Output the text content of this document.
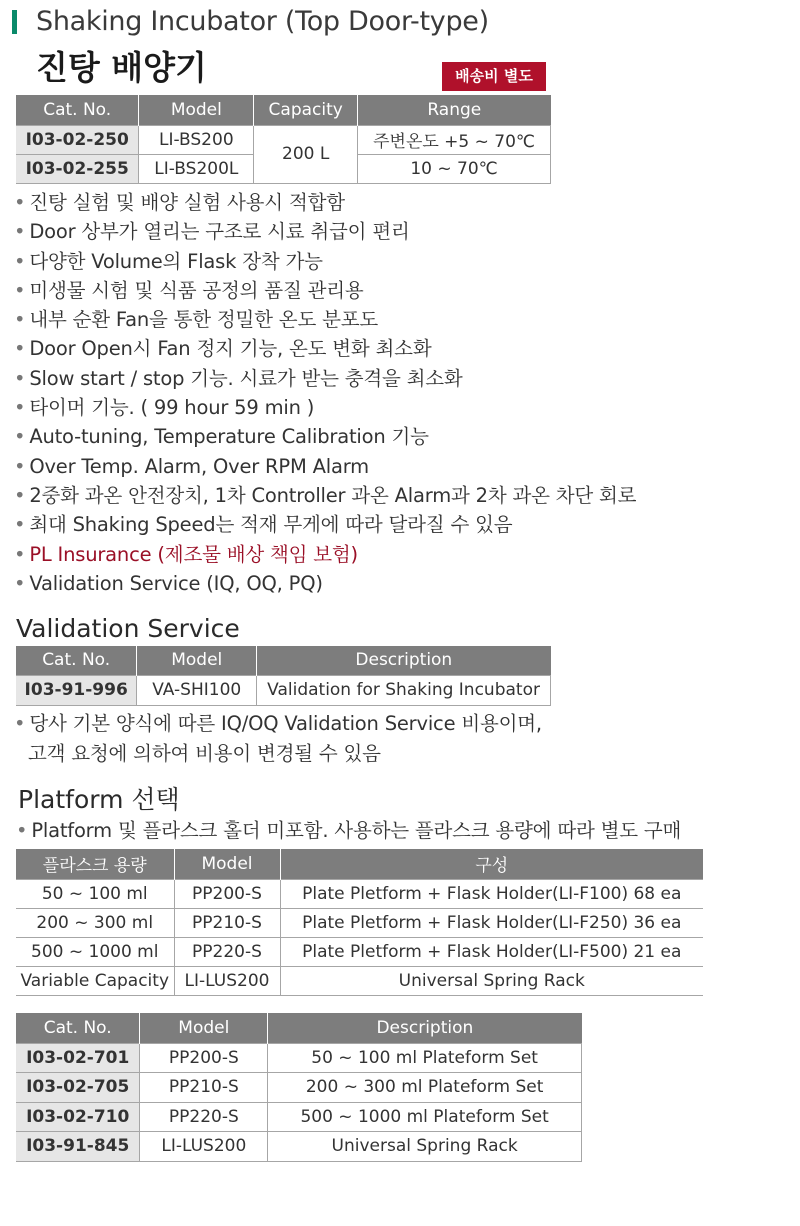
Shaking Incubator (Top Door-type)
진탕 배양기	배송비 별도
Cat. No.	Model	Capacity	Range
I03-02-250	LI-BS200	200 L	주변온도 +5 ~ 70℃
I03-02-255	LI-BS200L		10 ~ 70℃
• 진탕 실험 및 배양 실험 사용시 적합함
• Door 상부가 열리는 구조로 시료 취급이 편리
• 다양한 Volume의 Flask 장착 가능
• 미생물 시험 및 식품 공정의 품질 관리용
• 내부 순환 Fan을 통한 정밀한 온도 분포도
• Door Open시 Fan 정지 기능, 온도 변화 최소화
• Slow start / stop 기능. 시료가 받는 충격을 최소화
• 타이머 기능. ( 99 hour 59 min )
• Auto-tuning, Temperature Calibration 기능
• Over Temp. Alarm, Over RPM Alarm
• 2중화 과온 안전장치, 1차 Controller 과온 Alarm과 2차 과온 차단 회로
• 최대 Shaking Speed는 적재 무게에 따라 달라질 수 있음
• PL Insurance (제조물 배상 책임 보험)
• Validation Service (IQ, OQ, PQ)
Validation Service
Cat. No.	Model	Description
I03-91-996	VA-SHI100	Validation for Shaking Incubator
• 당사 기본 양식에 따른 IQ/OQ Validation Service 비용이며,
고객 요청에 의하여 비용이 변경될 수 있음
Platform 선택
• Platform 및 플라스크 홀더 미포함. 사용하는 플라스크 용량에 따라 별도 구매
플라스크 용량	Model	구성
50 ~ 100 ml	PP200-S	Plate Pletform + Flask Holder(LI-F100) 68 ea
200 ~ 300 ml	PP210-S	Plate Pletform + Flask Holder(LI-F250) 36 ea
500 ~ 1000 ml	PP220-S	Plate Pletform + Flask Holder(LI-F500) 21 ea
Variable Capacity	LI-LUS200	Universal Spring Rack
Cat. No.	Model	Description
I03-02-701	PP200-S	50 ~ 100 ml Plateform Set
I03-02-705	PP210-S	200 ~ 300 ml Plateform Set
I03-02-710	PP220-S	500 ~ 1000 ml Plateform Set
I03-91-845	LI-LUS200	Universal Spring Rack
